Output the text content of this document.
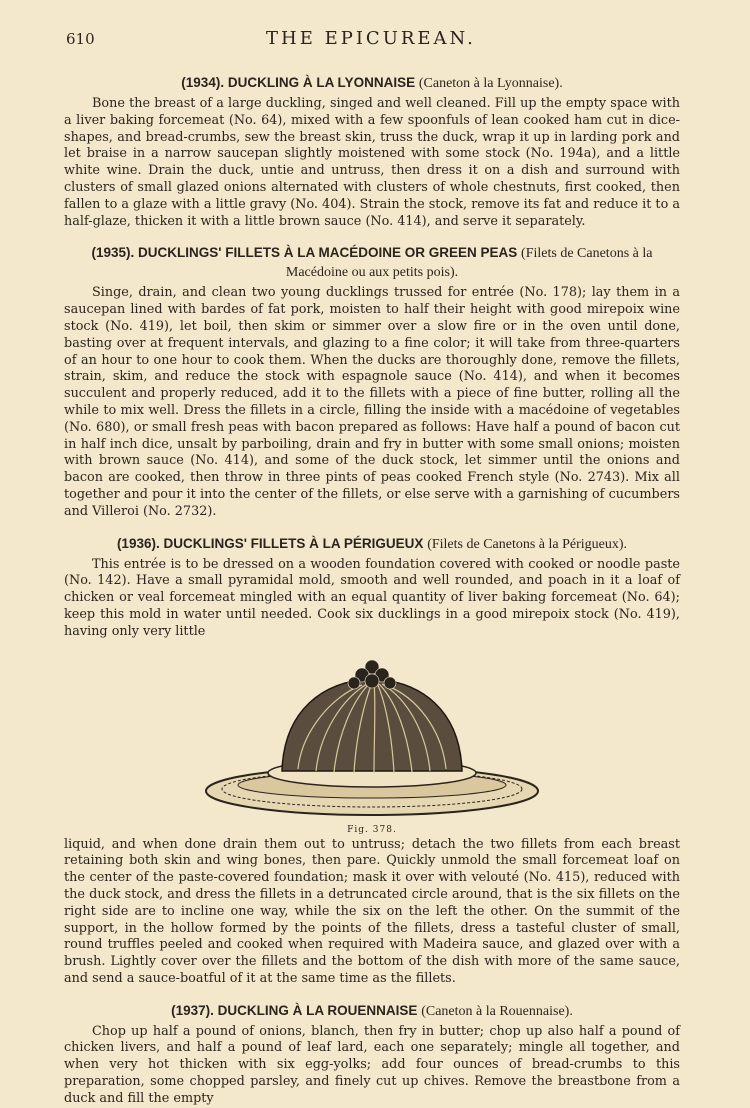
610	THE EPICUREAN.
(1934). DUCKLING À LA LYONNAISE (Caneton à la Lyonnaise).

Bone the breast of a large duckling, singed and well cleaned. Fill up the empty space with a liver baking forcemeat (No. 64), mixed with a few spoonfuls of lean cooked ham cut in dice-shapes, and bread-crumbs, sew the breast skin, truss the duck, wrap it up in larding pork and let braise in a narrow saucepan slightly moistened with some stock (No. 194a), and a little white wine. Drain the duck, untie and untruss, then dress it on a dish and surround with clusters of small glazed onions alternated with clusters of whole chestnuts, first cooked, then fallen to a glaze with a little gravy (No. 404). Strain the stock, remove its fat and reduce it to a half-glaze, thicken it with a little brown sauce (No. 414), and serve it separately.

(1935). DUCKLINGS' FILLETS À LA MACÉDOINE OR GREEN PEAS (Filets de Canetons à la Macédoine ou aux petits pois).

Singe, drain, and clean two young ducklings trussed for entrée (No. 178); lay them in a saucepan lined with bardes of fat pork, moisten to half their height with good mirepoix wine stock (No. 419), let boil, then skim or simmer over a slow fire or in the oven until done, basting over at frequent intervals, and glazing to a fine color; it will take from three-quarters of an hour to one hour to cook them. When the ducks are thoroughly done, remove the fillets, strain, skim, and reduce the stock with espagnole sauce (No. 414), and when it becomes succulent and properly reduced, add it to the fillets with a piece of fine butter, rolling all the while to mix well. Dress the fillets in a circle, filling the inside with a macédoine of vegetables (No. 680), or small fresh peas with bacon prepared as follows: Have half a pound of bacon cut in half inch dice, unsalt by parboiling, drain and fry in butter with some small onions; moisten with brown sauce (No. 414), and some of the duck stock, let simmer until the onions and bacon are cooked, then throw in three pints of peas cooked French style (No. 2743). Mix all together and pour it into the center of the fillets, or else serve with a garnishing of cucumbers and Villeroi (No. 2732).

(1936). DUCKLINGS' FILLETS À LA PÉRIGUEUX (Filets de Canetons à la Périgueux).

This entrée is to be dressed on a wooden foundation covered with cooked or noodle paste (No. 142). Have a small pyramidal mold, smooth and well rounded, and poach in it a loaf of chicken or veal forcemeat mingled with an equal quantity of liver baking forcemeat (No. 64); keep this mold in water until needed. Cook six ducklings in a good mirepoix stock (No. 419), having only very little

Fig. 378.

liquid, and when done drain them out to untruss; detach the two fillets from each breast retaining both skin and wing bones, then pare. Quickly unmold the small forcemeat loaf on the center of the paste-covered foundation; mask it over with velouté (No. 415), reduced with the duck stock, and dress the fillets in a detruncated circle around, that is the six fillets on the right side are to incline one way, while the six on the left the other. On the summit of the support, in the hollow formed by the points of the fillets, dress a tasteful cluster of small, round truffles peeled and cooked when required with Madeira sauce, and glazed over with a brush. Lightly cover over the fillets and the bottom of the dish with more of the same sauce, and send a sauce-boatful of it at the same time as the fillets.

(1937). DUCKLING À LA ROUENNAISE (Caneton à la Rouennaise).

Chop up half a pound of onions, blanch, then fry in butter; chop up also half a pound of chicken livers, and half a pound of leaf lard, each one separately; mingle all together, and when very hot thicken with six egg-yolks; add four ounces of bread-crumbs to this preparation, some chopped parsley, and finely cut up chives. Remove the breastbone from a duck and fill the empty
